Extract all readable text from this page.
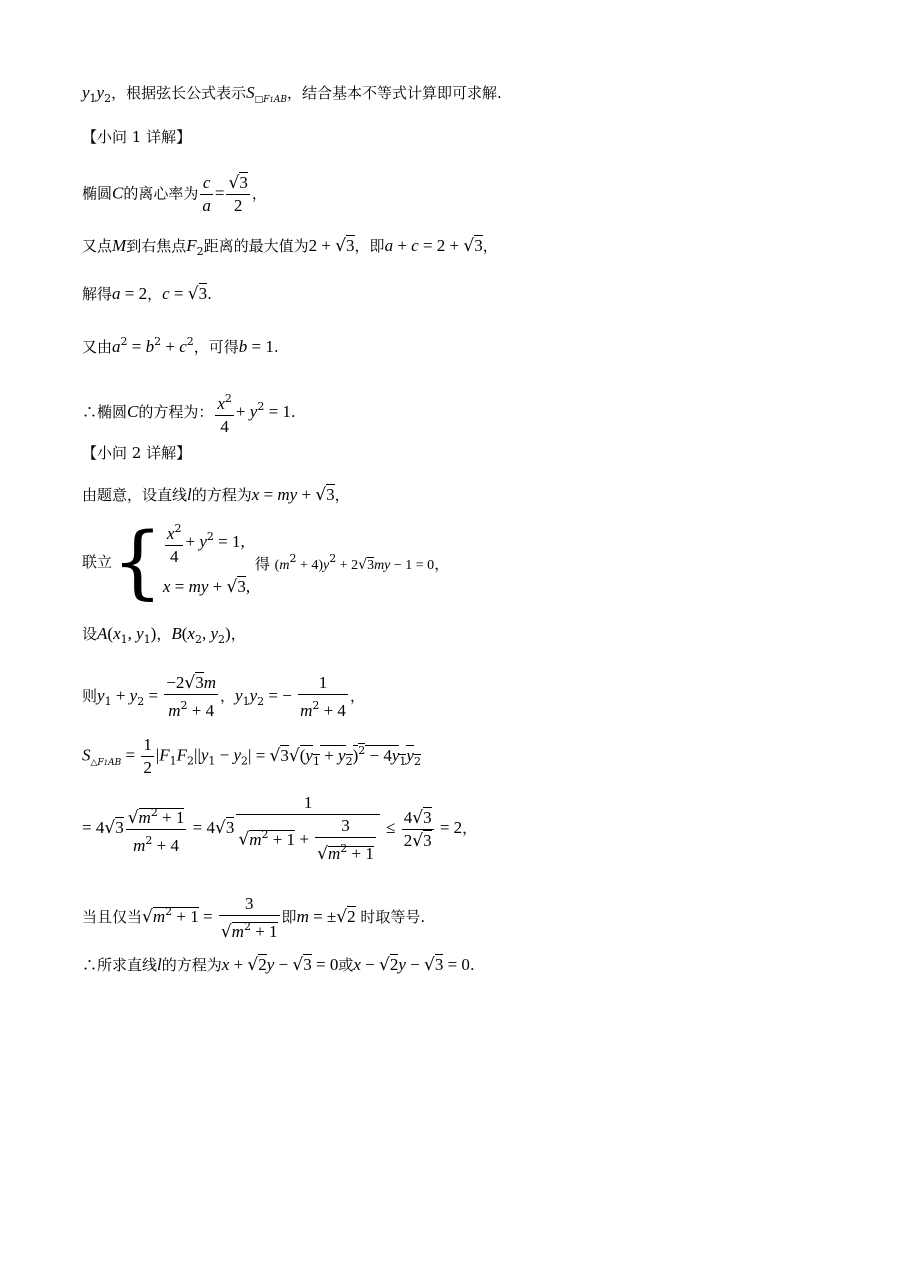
$y_1y_2$，根据弦长公式表示$S_{□F1AB}$，结合基本不等式计算即可求解.
【小问 1 详解】
椭圆C的离心率为 $\frac{c}{a} = \frac{√3}{2}$ ，
又点M到右焦点$F_2$距离的最大值为2 + √3，即a + c = 2 + √3，
解得a = 2，c = √3.
又由$a^2 = b^2 + c^2$，可得b = 1.
∴椭圆C的方程为： $\frac{x^2}{4} + y^2 = 1$.
【小问 2 详解】
由题意，设直线l的方程为x = my + √3，
联立{ $\frac{x^2}{4} + y^2 = 1$,
x = my + √3,
得 $(m^2 + 4)y^2 + 2√3my - 1 = 0$，
设$A(x_1$, $y_1$)，$B(x_2$, $y_2$)，
则$y_1 + y_2 = \frac{-2√3m}{m^2 + 4}$ ，$y_1y_2$ = − $\frac{1}{m^2 + 4}$ ，
$S_{\triangle F1AB} = \frac{1}{2} |F_1F_2||y_1 - y_2| = √3√(y_1 + y_2)^2 - 4y_1y_2$
= $4√3 \frac{√m^2 + 1}{m^2 + 4} = 4√3 \frac{1}{√m^2 + 1 + \frac{3}{√m^2 + 1}} \le \frac{4√3}{2√3} = 2$，
当且仅当$√m^2 + 1 = \frac{3}{√m^2 + 1}$ 即m = ±√2 时取等号.
∴所求直线l的方程为x + √2y − √3 = 0或x − √2y − √3 = 0.
